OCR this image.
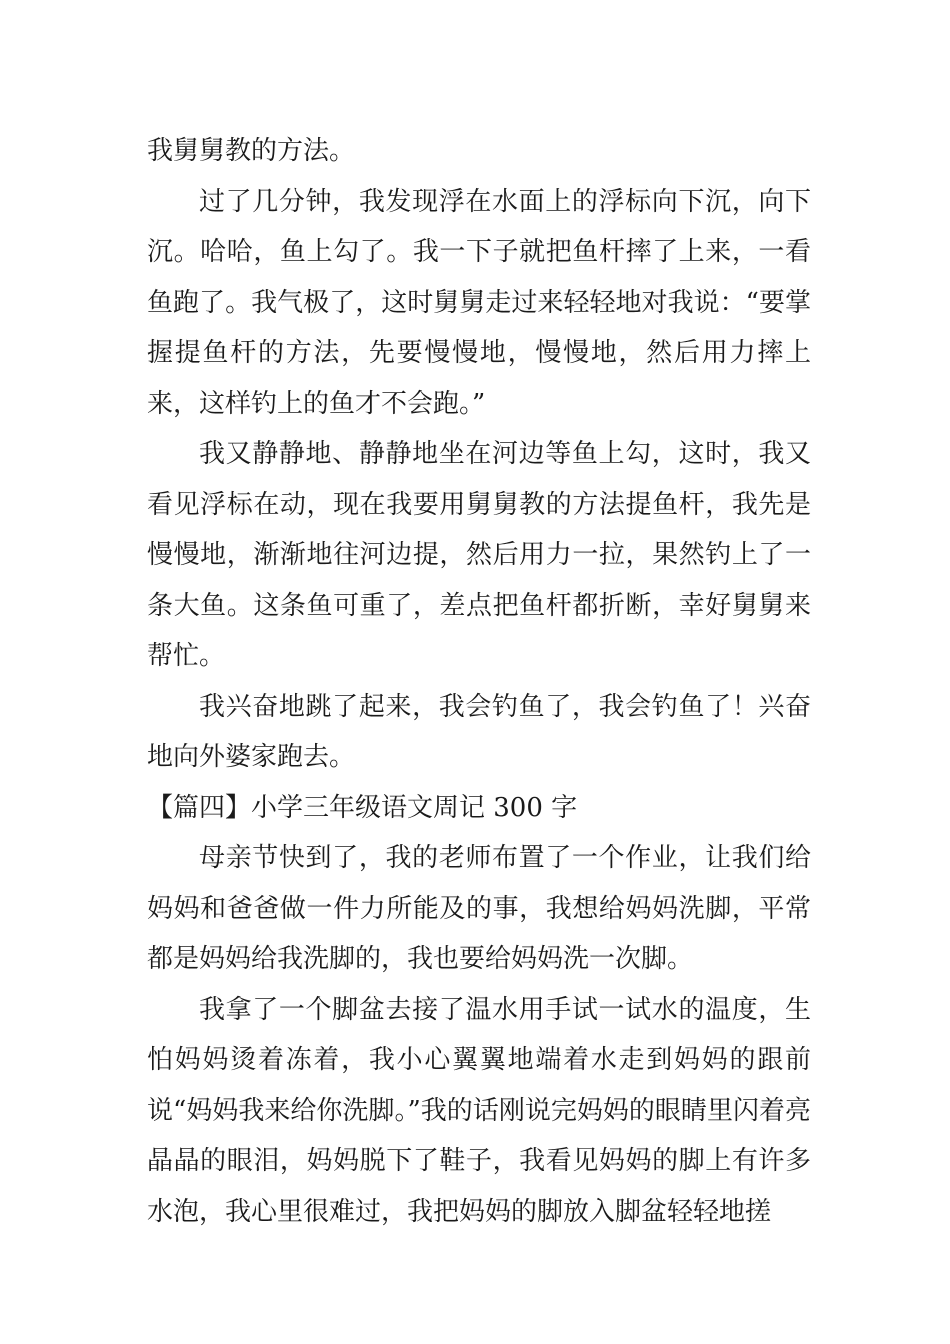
我舅舅教的方法。

过了几分钟，我发现浮在水面上的浮标向下沉，向下沉。哈哈，鱼上勾了。我一下子就把鱼杆摔了上来，一看鱼跑了。我气极了，这时舅舅走过来轻轻地对我说：“要掌握提鱼杆的方法，先要慢慢地，慢慢地，然后用力摔上来，这样钓上的鱼才不会跑。”

我又静静地、静静地坐在河边等鱼上勾，这时，我又看见浮标在动，现在我要用舅舅教的方法提鱼杆，我先是慢慢地，渐渐地往河边提，然后用力一拉，果然钓上了一条大鱼。这条鱼可重了，差点把鱼杆都折断，幸好舅舅来帮忙。

我兴奋地跳了起来，我会钓鱼了，我会钓鱼了！兴奋地向外婆家跑去。

【篇四】小学三年级语文周记 300 字

母亲节快到了，我的老师布置了一个作业，让我们给妈妈和爸爸做一件力所能及的事，我想给妈妈洗脚，平常都是妈妈给我洗脚的，我也要给妈妈洗一次脚。

我拿了一个脚盆去接了温水用手试一试水的温度，生怕妈妈烫着冻着，我小心翼翼地端着水走到妈妈的跟前说“妈妈我来给你洗脚。”我的话刚说完妈妈的眼睛里闪着亮晶晶的眼泪，妈妈脱下了鞋子，我看见妈妈的脚上有许多水泡，我心里很难过，我把妈妈的脚放入脚盆轻轻地搓
